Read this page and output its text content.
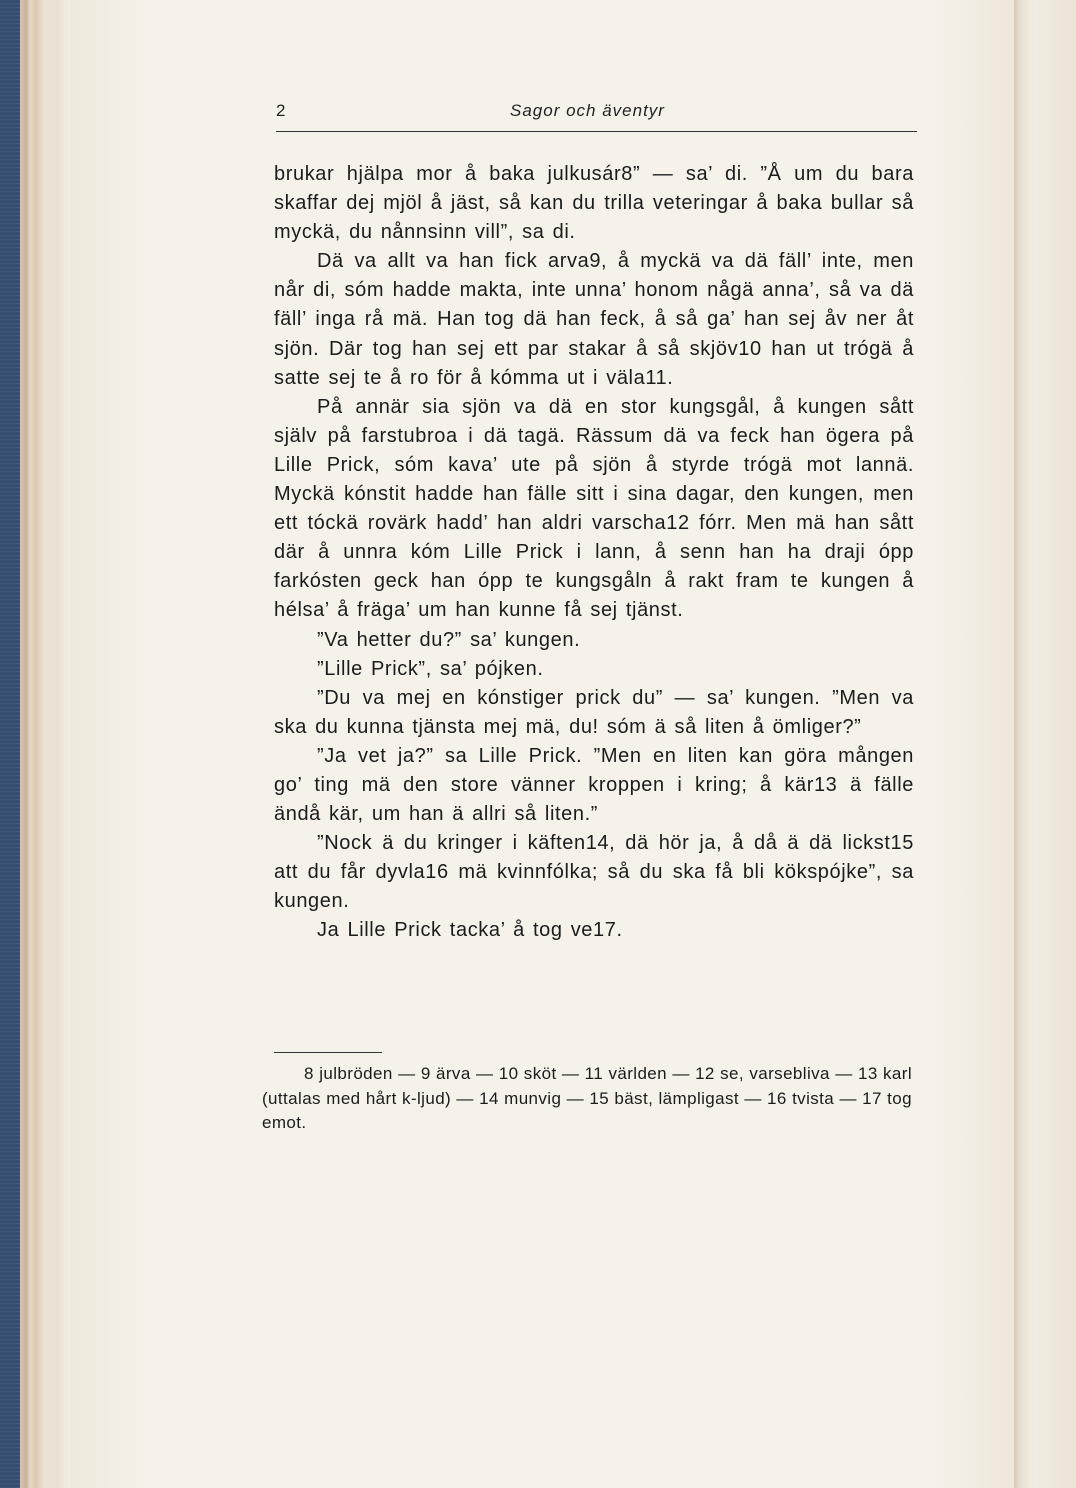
2	Sagor och äventyr

brukar hjälpa mor å baka julkusár8” — sa’ di. ”Å um du bara skaffar dej mjöl å jäst, så kan du trilla veteringar å baka bullar så myckä, du nånnsinn vill”, sa di.

Dä va allt va han fick arva9, å myckä va dä fäll’ inte, men når di, sóm hadde makta, inte unna’ honom någä anna’, så va dä fäll’ inga rå mä. Han tog dä han feck, å så ga’ han sej åv ner åt sjön. Där tog han sej ett par stakar å så skjöv10 han ut trógä å satte sej te å ro för å kómma ut i väla11.

På annär sia sjön va dä en stor kungsgål, å kungen sått själv på farstubroa i dä tagä. Rässum dä va feck han ögera på Lille Prick, sóm kava’ ute på sjön å styrde trógä mot lannä. Myckä kónstit hadde han fälle sitt i sina dagar, den kungen, men ett tóckä rovärk hadd’ han aldri varscha12 fórr. Men mä han sått där å unnra kóm Lille Prick i lann, å senn han ha draji ópp farkósten geck han ópp te kungsgåln å rakt fram te kungen å hélsa’ å fräga’ um han kunne få sej tjänst.

”Va hetter du?” sa’ kungen.

”Lille Prick”, sa’ pójken.

”Du va mej en kónstiger prick du” — sa’ kungen. ”Men va ska du kunna tjänsta mej mä, du! sóm ä så liten å ömliger?”

”Ja vet ja?” sa Lille Prick. ”Men en liten kan göra mången go’ ting mä den store vänner kroppen i kring; å kär13 ä fälle ändå kär, um han ä allri så liten.”

”Nock ä du kringer i käften14, dä hör ja, å då ä dä lickst15 att du får dyvla16 mä kvinnfólka; så du ska få bli kökspójke”, sa kungen.

Ja Lille Prick tacka’ å tog ve17.

8 julbröden — 9 ärva — 10 sköt — 11 världen — 12 se, varsebliva — 13 karl (uttalas med hårt k-ljud) — 14 munvig — 15 bäst, lämpligast — 16 tvista — 17 tog emot.
